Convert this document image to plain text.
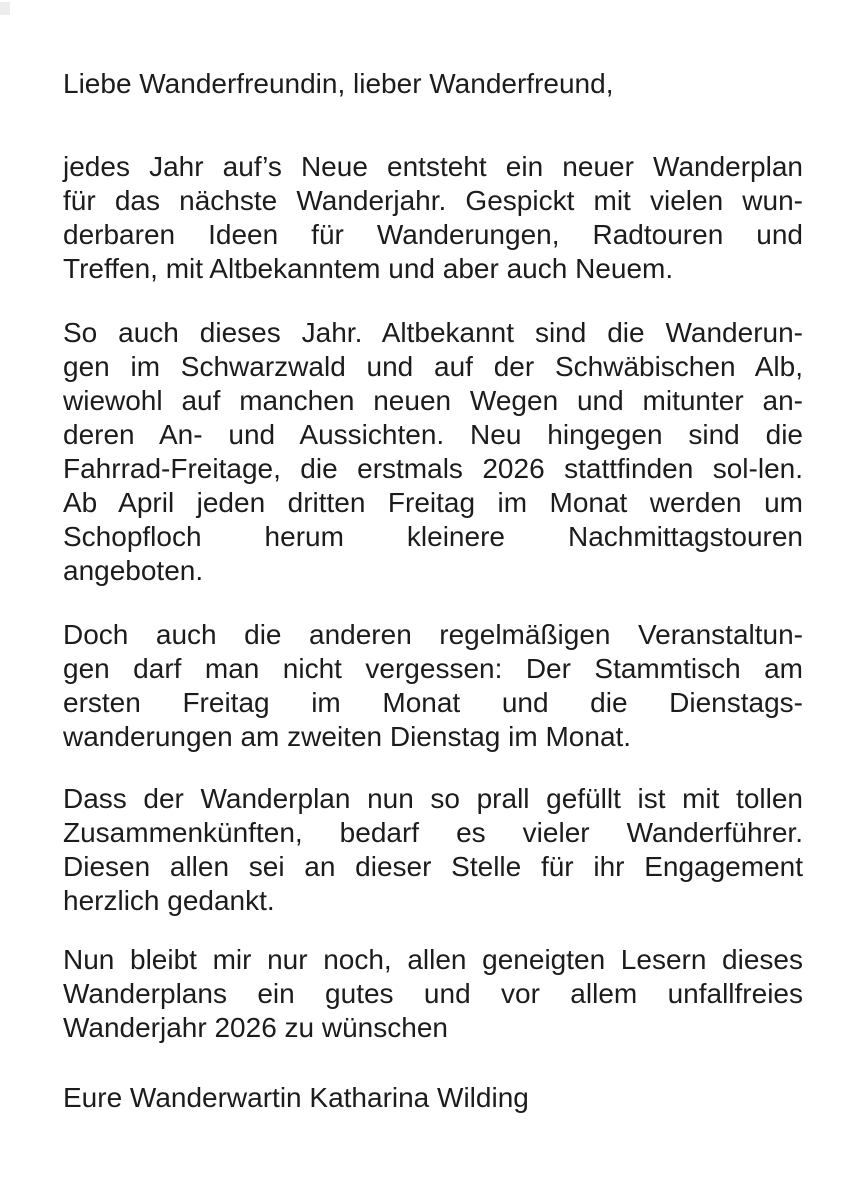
Liebe Wanderfreundin, lieber Wanderfreund,
jedes Jahr auf’s Neue entsteht ein neuer Wanderplan
für das nächste Wanderjahr. Gespickt mit vielen wun-
derbaren Ideen für Wanderungen, Radtouren und
Treffen, mit Altbekanntem und aber auch Neuem.
So auch dieses Jahr. Altbekannt sind die Wanderun-
gen im Schwarzwald und auf der Schwäbischen Alb,
wiewohl auf manchen neuen Wegen und mitunter an-
deren An- und Aussichten. Neu hingegen sind die
Fahrrad-Freitage, die erstmals 2026 stattfinden sol-len.
Ab April jeden dritten Freitag im Monat werden um
Schopfloch herum kleinere Nachmittagstouren
angeboten.
Doch auch die anderen regelmäßigen Veranstaltun-
gen darf man nicht vergessen: Der Stammtisch am
ersten Freitag im Monat und die Dienstags-
wanderungen am zweiten Dienstag im Monat.
Dass der Wanderplan nun so prall gefüllt ist mit tollen
Zusammenkünften, bedarf es vieler Wanderführer.
Diesen allen sei an dieser Stelle für ihr Engagement
herzlich gedankt.
Nun bleibt mir nur noch, allen geneigten Lesern dieses
Wanderplans ein gutes und vor allem unfallfreies
Wanderjahr 2026 zu wünschen
Eure Wanderwartin Katharina Wilding
